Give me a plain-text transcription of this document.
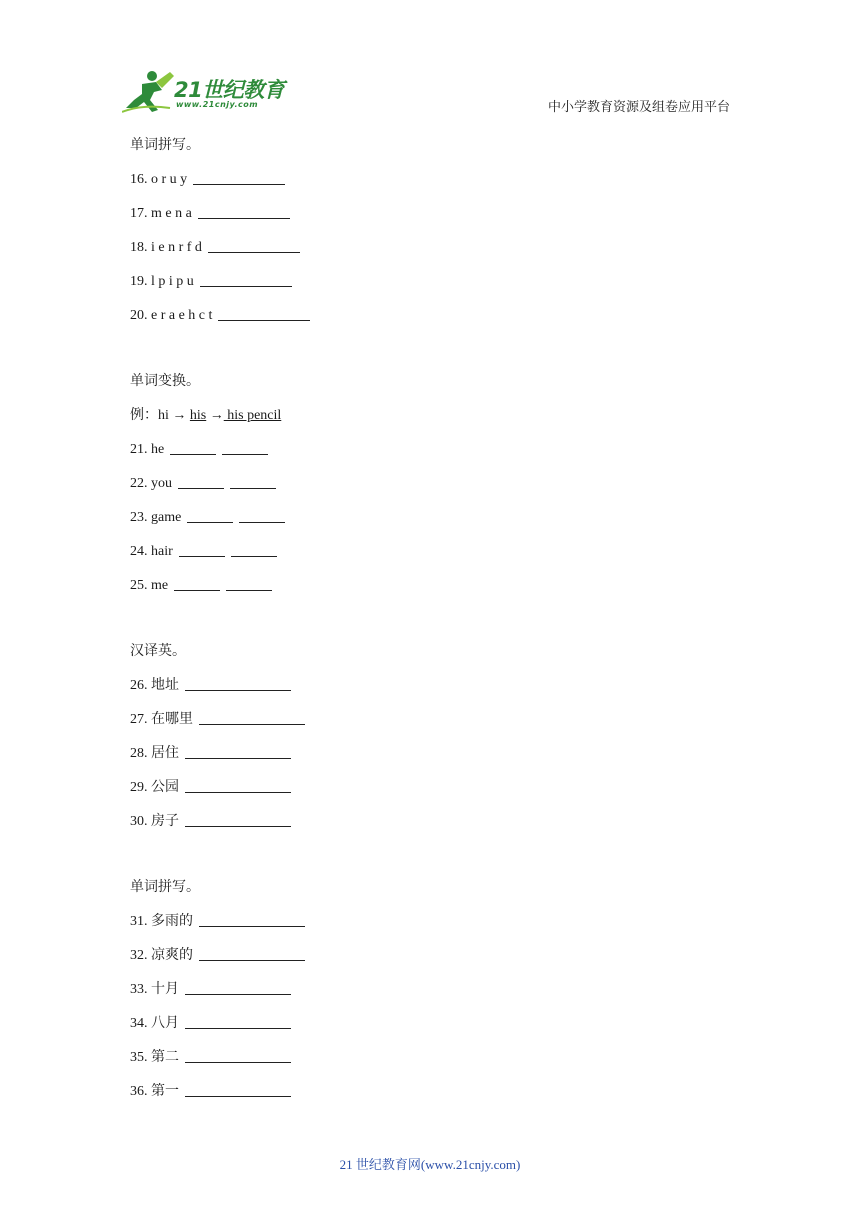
21世纪教育
www.21cnjy.com	中小学教育资源及组卷应用平台
单词拼写。
16. o r u y
17. m e n a
18. i e n r f d
19. l p i p u
20. e r a e h c t
单词变换。
例：hi → his → his pencil
21. he
22. you
23. game
24. hair
25. me
汉译英。
26. 地址
27. 在哪里
28. 居住
29. 公园
30. 房子
单词拼写。
31. 多雨的
32. 凉爽的
33. 十月
34. 八月
35. 第二
36. 第一
21 世纪教育网(www.21cnjy.com)
